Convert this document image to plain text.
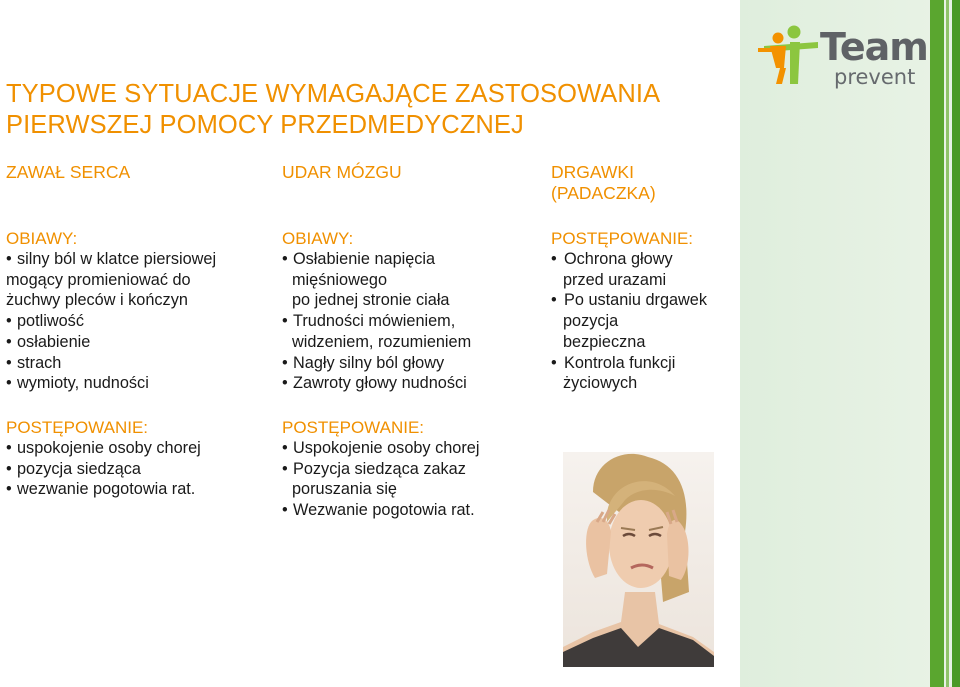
Team
prevent
TYPOWE SYTUACJE WYMAGAJĄCE ZASTOSOWANIA
PIERWSZEJ POMOCY PRZEDMEDYCZNEJ
ZAWAŁ SERCA	UDAR MÓZGU	DRGAWKI
(PADACZKA)
OBIAWY:
• silny ból w klatce piersiowej
mogący promieniować do
żuchwy pleców i kończyn
• potliwość
• osłabienie
• strach
• wymioty, nudności
POSTĘPOWANIE:
• uspokojenie osoby chorej
• pozycja siedząca
• wezwanie pogotowia rat.
OBIAWY:
• Osłabienie napięcia
mięśniowego
po jednej stronie ciała
• Trudności mówieniem,
widzeniem, rozumieniem
• Nagły silny ból głowy
• Zawroty głowy nudności
POSTĘPOWANIE:
• Uspokojenie osoby chorej
• Pozycja siedząca zakaz
poruszania się
• Wezwanie pogotowia rat.
POSTĘPOWANIE:
• Ochrona głowy
przed urazami
• Po ustaniu drgawek
pozycja
bezpieczna
• Kontrola funkcji
życiowych
